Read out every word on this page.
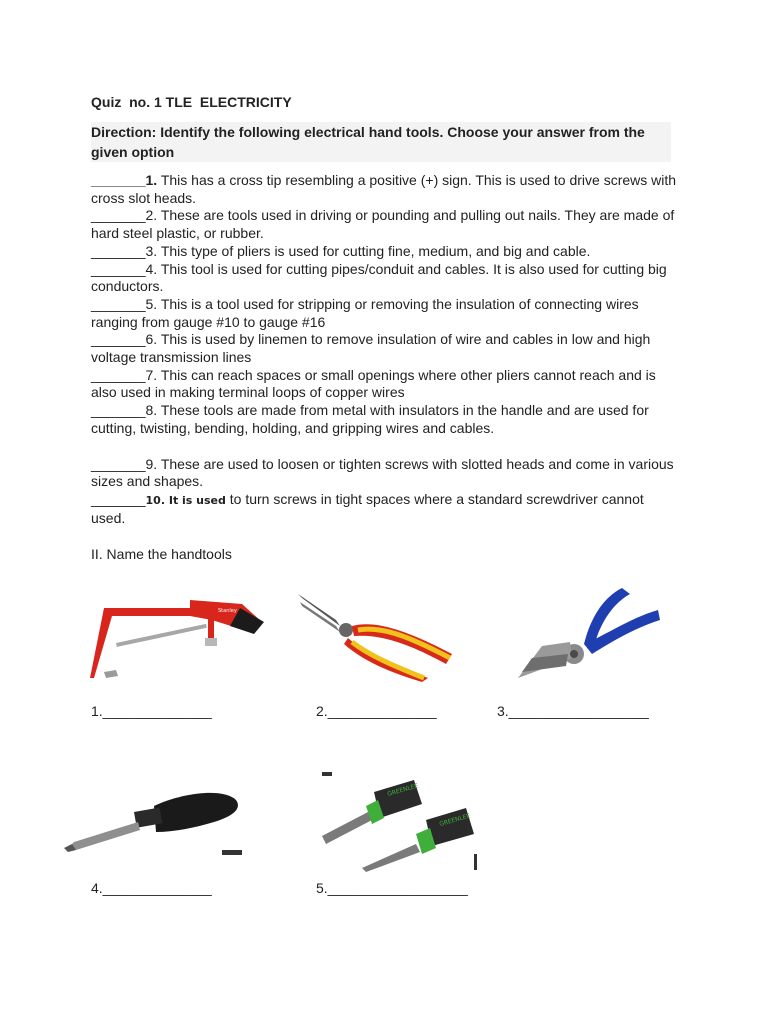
Quiz  no. 1 TLE  ELECTRICITY
Direction: Identify the following electrical hand tools. Choose your answer from the given option

_______1. This has a cross tip resembling a positive (+) sign. This is used to drive screws with cross slot heads.

_______2. These are tools used in driving or pounding and pulling out nails. They are made of hard steel plastic, or rubber.

_______3. This type of pliers is used for cutting fine, medium, and big and cable.

_______4. This tool is used for cutting pipes/conduit and cables. It is also used for cutting big conductors.

_______5. This is a tool used for stripping or removing the insulation of connecting wires ranging from gauge #10 to gauge #16

_______6. This is used by linemen to remove insulation of wire and cables in low and high voltage transmission lines

_______7. This can reach spaces or small openings where other pliers cannot reach and is also used in making terminal loops of copper wires

_______8. These tools are made from metal with insulators in the handle and are used for cutting, twisting, bending, holding, and gripping wires and cables.

_______9. These are used to loosen or tighten screws with slotted heads and come in various sizes and shapes.

_______10. It is used to turn screws in tight spaces where a standard screwdriver cannot used.

II. Name the handtools
Stanley
GREENLEE
GREENLEE
1.______________	2.______________	3.__________________
4.______________	5.__________________
